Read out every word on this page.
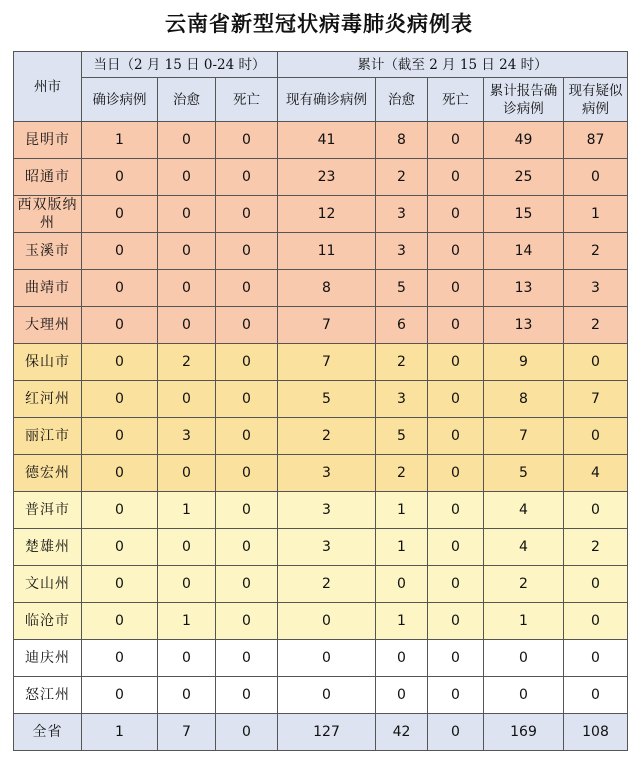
云南省新型冠状病毒肺炎病例表
州市	当日（2 月 15 日 0-24 时）			累计（截至 2 月 15 日 24 时）				
	确诊病例	治愈	死亡	现有确诊病例	治愈	死亡	累计报告确诊病例	现有疑似病例
昆明市	1	0	0	41	8	0	49	87
昭通市	0	0	0	23	2	0	25	0
西双版纳州	0	0	0	12	3	0	15	1
玉溪市	0	0	0	11	3	0	14	2
曲靖市	0	0	0	8	5	0	13	3
大理州	0	0	0	7	6	0	13	2
保山市	0	2	0	7	2	0	9	0
红河州	0	0	0	5	3	0	8	7
丽江市	0	3	0	2	5	0	7	0
德宏州	0	0	0	3	2	0	5	4
普洱市	0	1	0	3	1	0	4	0
楚雄州	0	0	0	3	1	0	4	2
文山州	0	0	0	2	0	0	2	0
临沧市	0	1	0	0	1	0	1	0
迪庆州	0	0	0	0	0	0	0	0
怒江州	0	0	0	0	0	0	0	0
全省	1	7	0	127	42	0	169	108
